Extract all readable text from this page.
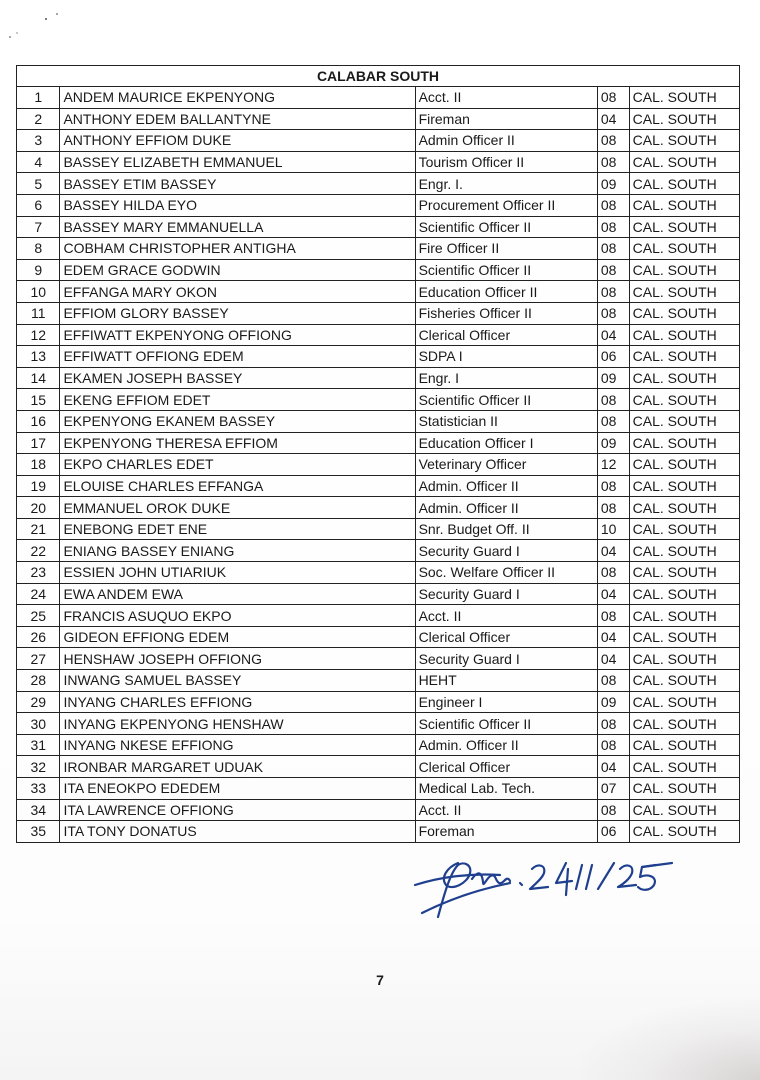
CALABAR SOUTH				
1	ANDEM MAURICE EKPENYONG	Acct. II	08	CAL. SOUTH
2	ANTHONY EDEM BALLANTYNE	Fireman	04	CAL. SOUTH
3	ANTHONY EFFIOM DUKE	Admin Officer II	08	CAL. SOUTH
4	BASSEY ELIZABETH EMMANUEL	Tourism Officer II	08	CAL. SOUTH
5	BASSEY ETIM BASSEY	Engr. I.	09	CAL. SOUTH
6	BASSEY HILDA EYO	Procurement Officer II	08	CAL. SOUTH
7	BASSEY MARY EMMANUELLA	Scientific Officer II	08	CAL. SOUTH
8	COBHAM CHRISTOPHER ANTIGHA	Fire Officer II	08	CAL. SOUTH
9	EDEM GRACE GODWIN	Scientific Officer II	08	CAL. SOUTH
10	EFFANGA MARY OKON	Education Officer II	08	CAL. SOUTH
11	EFFIOM GLORY BASSEY	Fisheries Officer II	08	CAL. SOUTH
12	EFFIWATT EKPENYONG OFFIONG	Clerical Officer	04	CAL. SOUTH
13	EFFIWATT OFFIONG EDEM	SDPA I	06	CAL. SOUTH
14	EKAMEN JOSEPH BASSEY	Engr. I	09	CAL. SOUTH
15	EKENG EFFIOM EDET	Scientific Officer II	08	CAL. SOUTH
16	EKPENYONG EKANEM BASSEY	Statistician II	08	CAL. SOUTH
17	EKPENYONG THERESA EFFIOM	Education Officer I	09	CAL. SOUTH
18	EKPO CHARLES EDET	Veterinary Officer	12	CAL. SOUTH
19	ELOUISE CHARLES EFFANGA	Admin. Officer II	08	CAL. SOUTH
20	EMMANUEL OROK DUKE	Admin. Officer II	08	CAL. SOUTH
21	ENEBONG EDET ENE	Snr. Budget Off. II	10	CAL. SOUTH
22	ENIANG BASSEY ENIANG	Security Guard I	04	CAL. SOUTH
23	ESSIEN JOHN UTIARIUK	Soc. Welfare Officer II	08	CAL. SOUTH
24	EWA ANDEM EWA	Security Guard I	04	CAL. SOUTH
25	FRANCIS ASUQUO EKPO	Acct. II	08	CAL. SOUTH
26	GIDEON EFFIONG EDEM	Clerical Officer	04	CAL. SOUTH
27	HENSHAW JOSEPH OFFIONG	Security Guard I	04	CAL. SOUTH
28	INWANG SAMUEL BASSEY	HEHT	08	CAL. SOUTH
29	INYANG CHARLES EFFIONG	Engineer I	09	CAL. SOUTH
30	INYANG EKPENYONG HENSHAW	Scientific Officer II	08	CAL. SOUTH
31	INYANG NKESE EFFIONG	Admin. Officer II	08	CAL. SOUTH
32	IRONBAR MARGARET UDUAK	Clerical Officer	04	CAL. SOUTH
33	ITA ENEOKPO EDEDEM	Medical Lab. Tech.	07	CAL. SOUTH
34	ITA LAWRENCE OFFIONG	Acct. II	08	CAL. SOUTH
35	ITA TONY DONATUS	Foreman	06	CAL. SOUTH
7
